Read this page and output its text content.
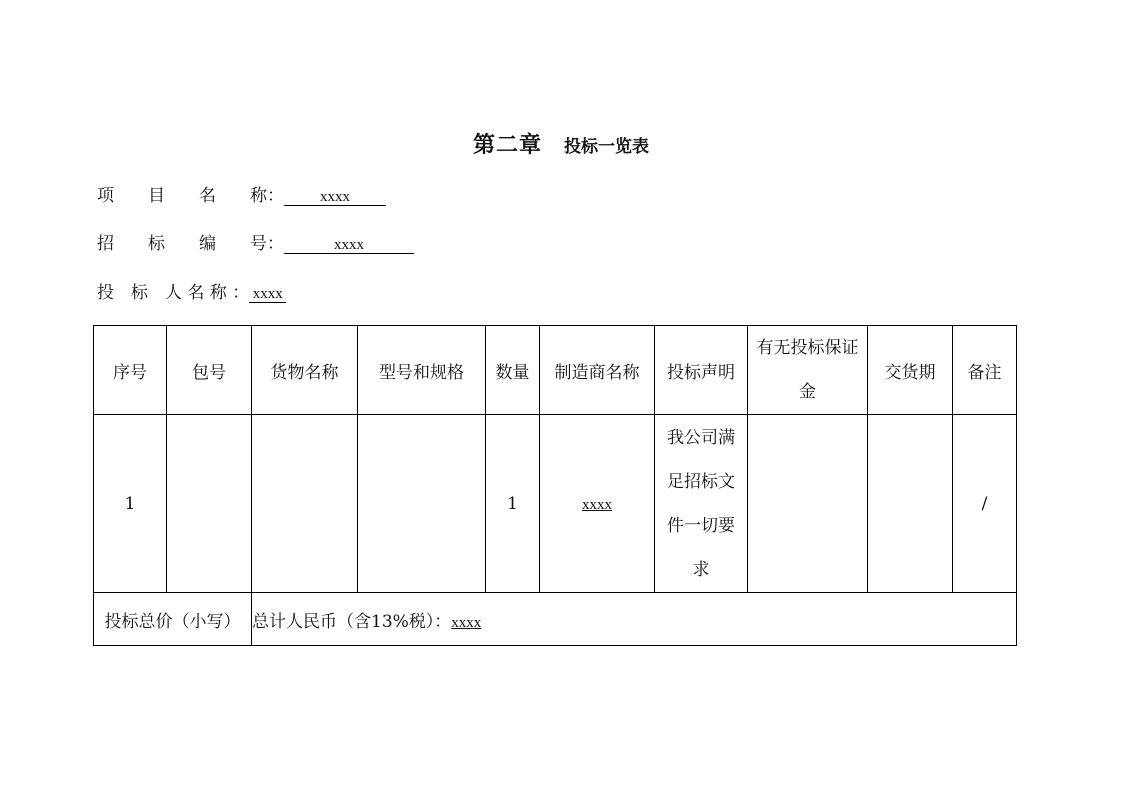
第二章 投标一览表
项　　目　　名　　称：	xxxx
招　　标　　编　　号：	xxxx
投　标　人 名 称 ： xxxx
序号	包号	货物名称	型号和规格	数量	制造商名称	投标声明	有无投标保证金	交货期	备注
1				1	xxxx	我公司满足招标文件一切要求			/
投标总价（小写）		总计人民币（含13%税）：xxxx							
